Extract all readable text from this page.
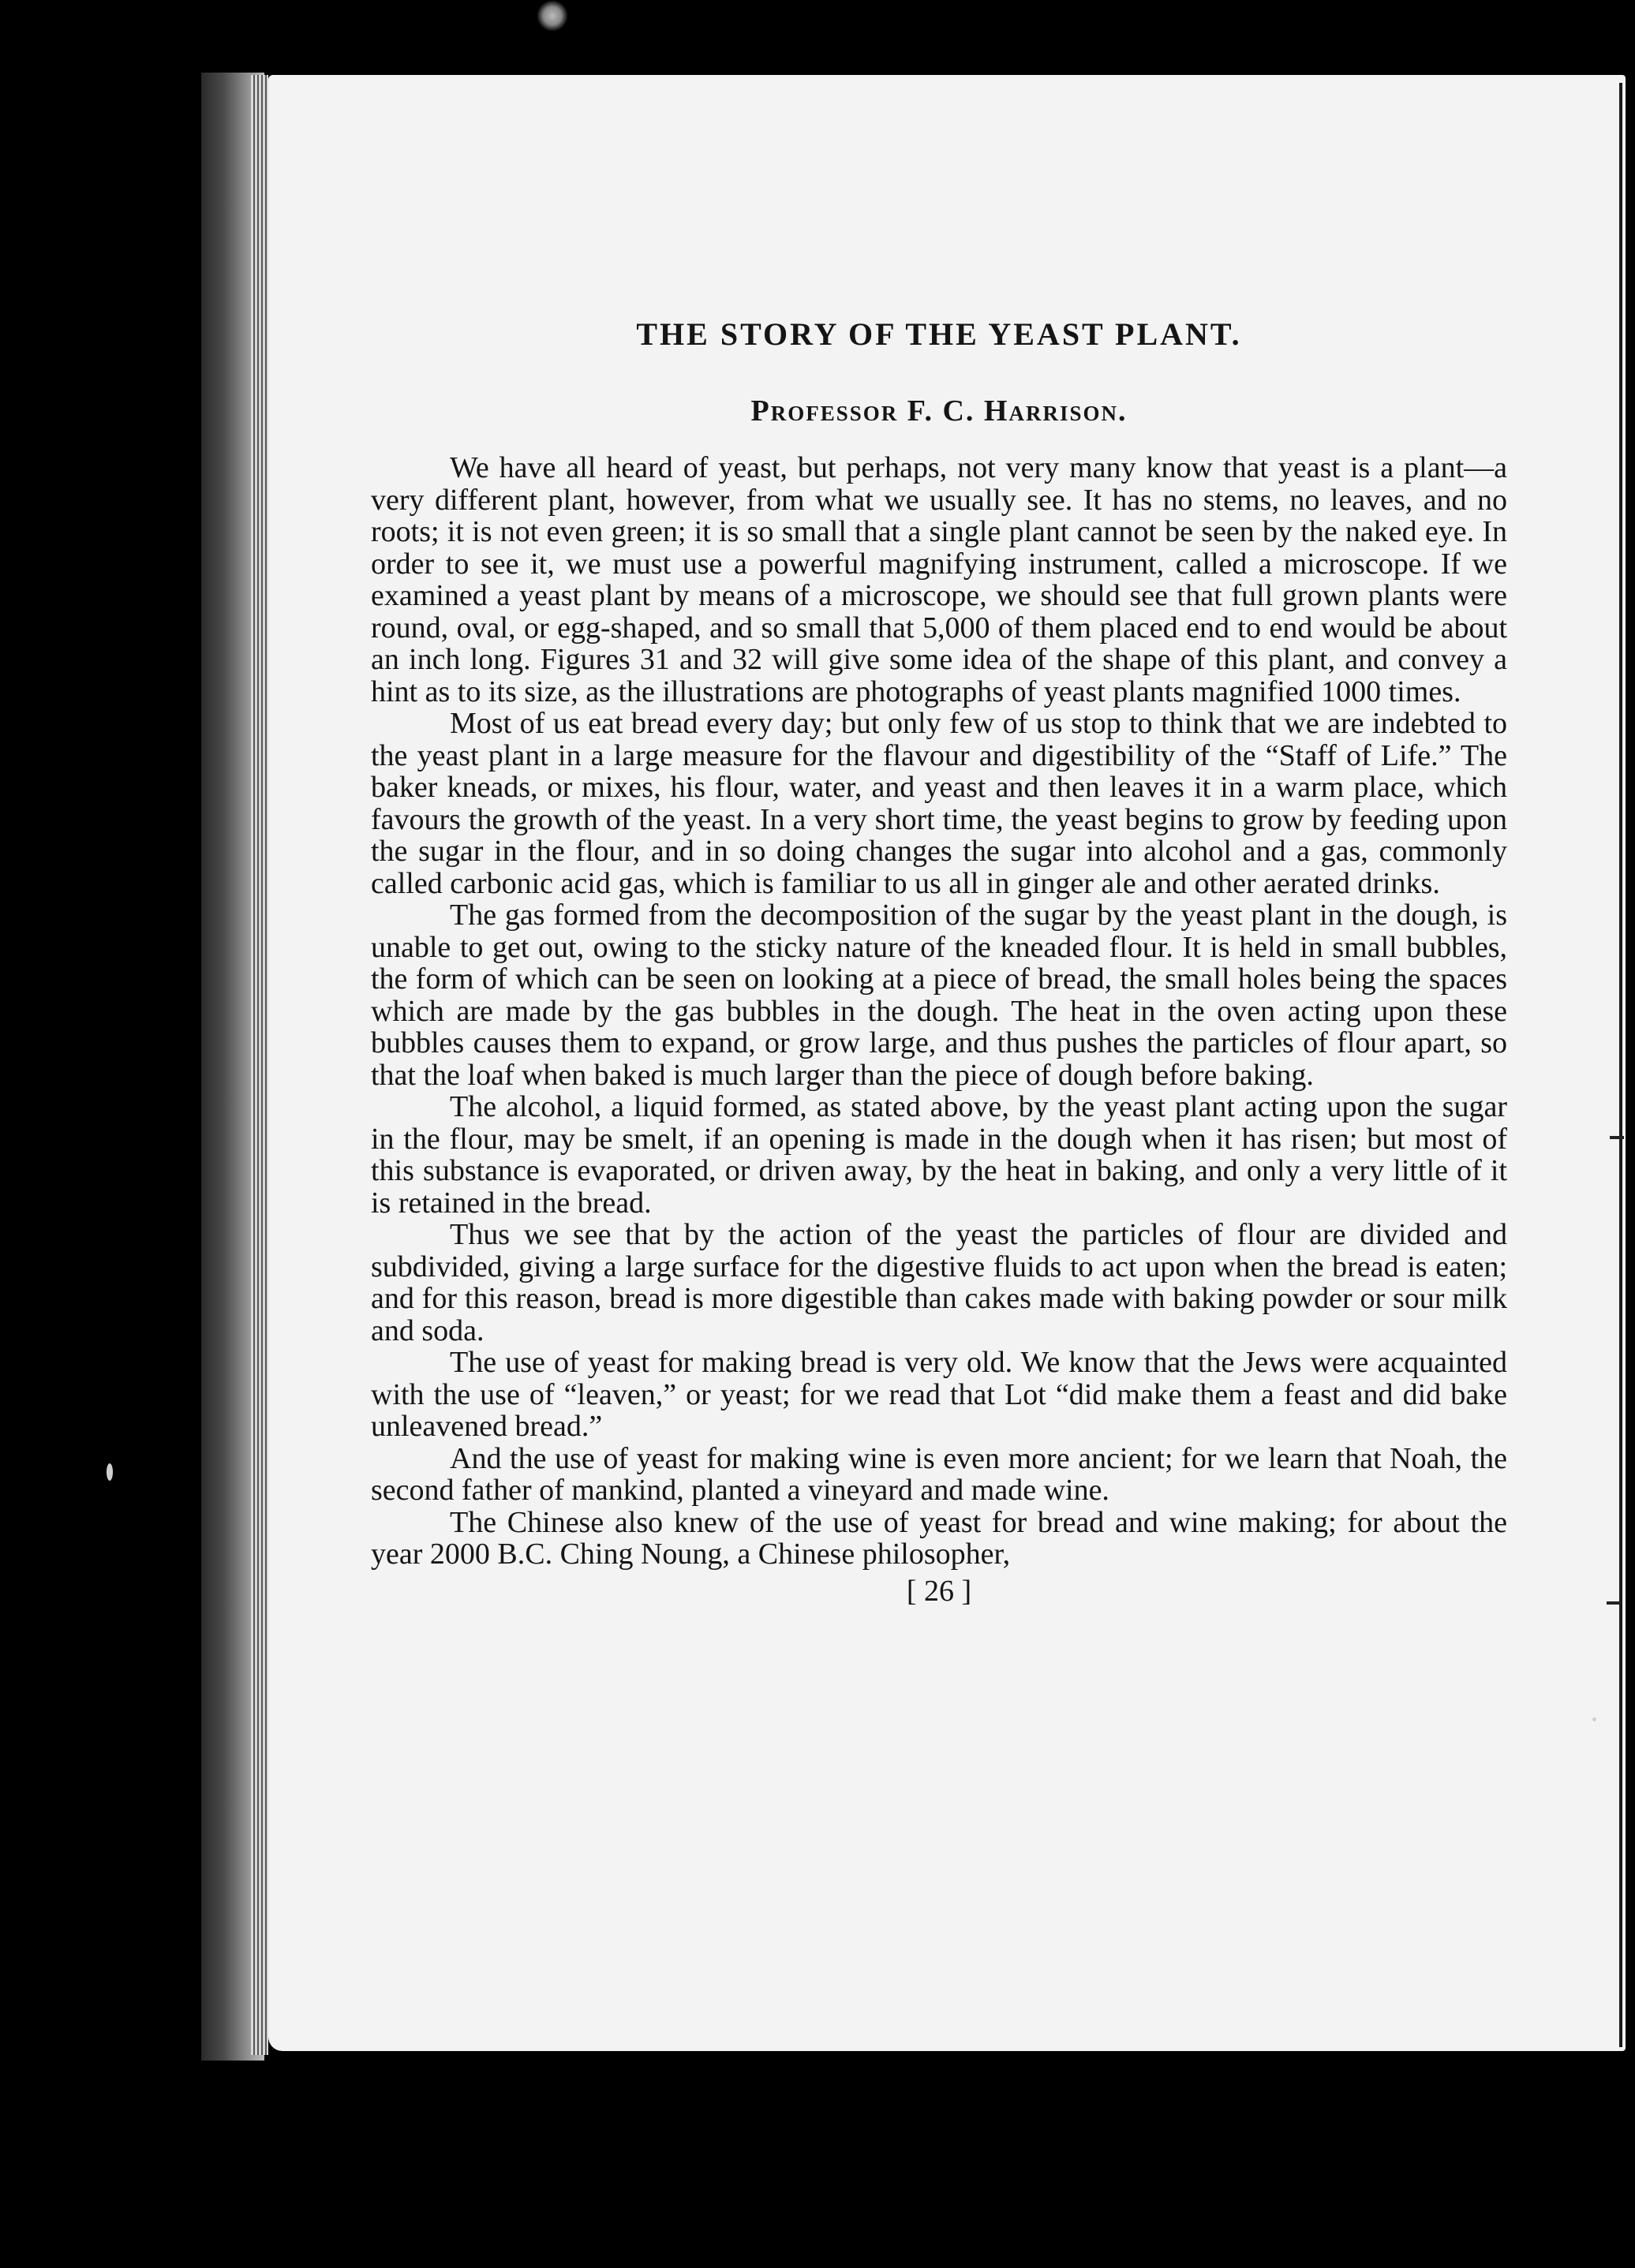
THE STORY OF THE YEAST PLANT.
Professor F. C. Harrison.

We have all heard of yeast, but perhaps, not very many know that yeast is a plant—a very different plant, however, from what we usually see. It has no stems, no leaves, and no roots; it is not even green; it is so small that a single plant cannot be seen by the naked eye. In order to see it, we must use a powerful magnifying instrument, called a microscope. If we examined a yeast plant by means of a microscope, we should see that full grown plants were round, oval, or egg-shaped, and so small that 5,000 of them placed end to end would be about an inch long. Figures 31 and 32 will give some idea of the shape of this plant, and convey a hint as to its size, as the illustrations are photographs of yeast plants magnified 1000 times.

Most of us eat bread every day; but only few of us stop to think that we are indebted to the yeast plant in a large measure for the flavour and digestibility of the “Staff of Life.” The baker kneads, or mixes, his flour, water, and yeast and then leaves it in a warm place, which favours the growth of the yeast. In a very short time, the yeast begins to grow by feeding upon the sugar in the flour, and in so doing changes the sugar into alcohol and a gas, commonly called carbonic acid gas, which is familiar to us all in ginger ale and other aerated drinks.

The gas formed from the decomposition of the sugar by the yeast plant in the dough, is unable to get out, owing to the sticky nature of the kneaded flour. It is held in small bubbles, the form of which can be seen on looking at a piece of bread, the small holes being the spaces which are made by the gas bubbles in the dough. The heat in the oven acting upon these bubbles causes them to expand, or grow large, and thus pushes the particles of flour apart, so that the loaf when baked is much larger than the piece of dough before baking.

The alcohol, a liquid formed, as stated above, by the yeast plant acting upon the sugar in the flour, may be smelt, if an opening is made in the dough when it has risen; but most of this substance is evaporated, or driven away, by the heat in baking, and only a very little of it is retained in the bread.

Thus we see that by the action of the yeast the particles of flour are divided and subdivided, giving a large surface for the digestive fluids to act upon when the bread is eaten; and for this reason, bread is more digestible than cakes made with baking powder or sour milk and soda.

The use of yeast for making bread is very old. We know that the Jews were acquainted with the use of “leaven,” or yeast; for we read that Lot “did make them a feast and did bake unleavened bread.”

And the use of yeast for making wine is even more ancient; for we learn that Noah, the second father of mankind, planted a vineyard and made wine.

The Chinese also knew of the use of yeast for bread and wine making; for about the year 2000 B.C. Ching Noung, a Chinese philosopher,

[ 26 ]
